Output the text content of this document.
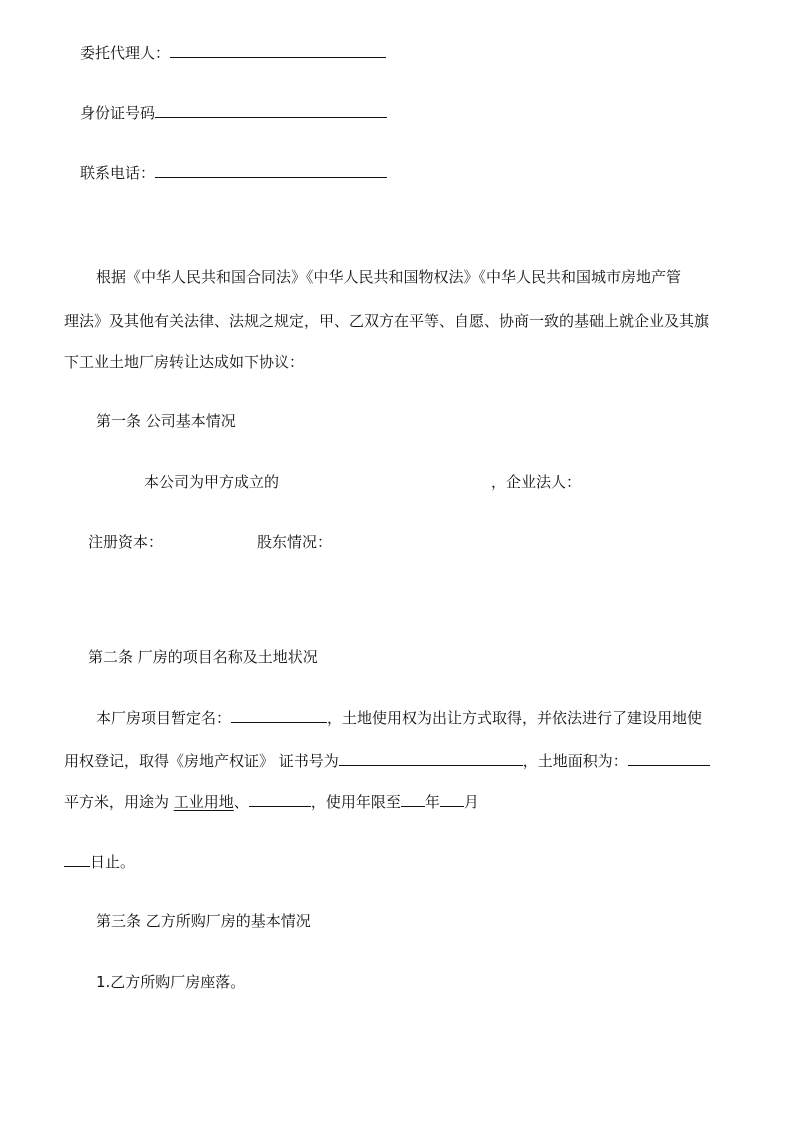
委托代理人：
身份证号码
联系电话：
根据《中华人民共和国合同法》《中华人民共和国物权法》《中华人民共和国城市房地产管
理法》及其他有关法律、法规之规定，甲、乙双方在平等、自愿、协商一致的基础上就企业及其旗
下工业土地厂房转让达成如下协议：
第一条 公司基本情况
本公司为甲方成立的	，企业法人：
注册资本：	股东情况：
第二条 厂房的项目名称及土地状况
本厂房项目暂定名：	，土地使用权为出让方式取得，并依法进行了建设用地使
用权登记，取得《房地产权证》 证书号为	，土地面积为：
平方米，用途为 工业用地、	，使用年限至 年 月
日止。
第三条 乙方所购厂房的基本情况
1.乙方所购厂房座落。
